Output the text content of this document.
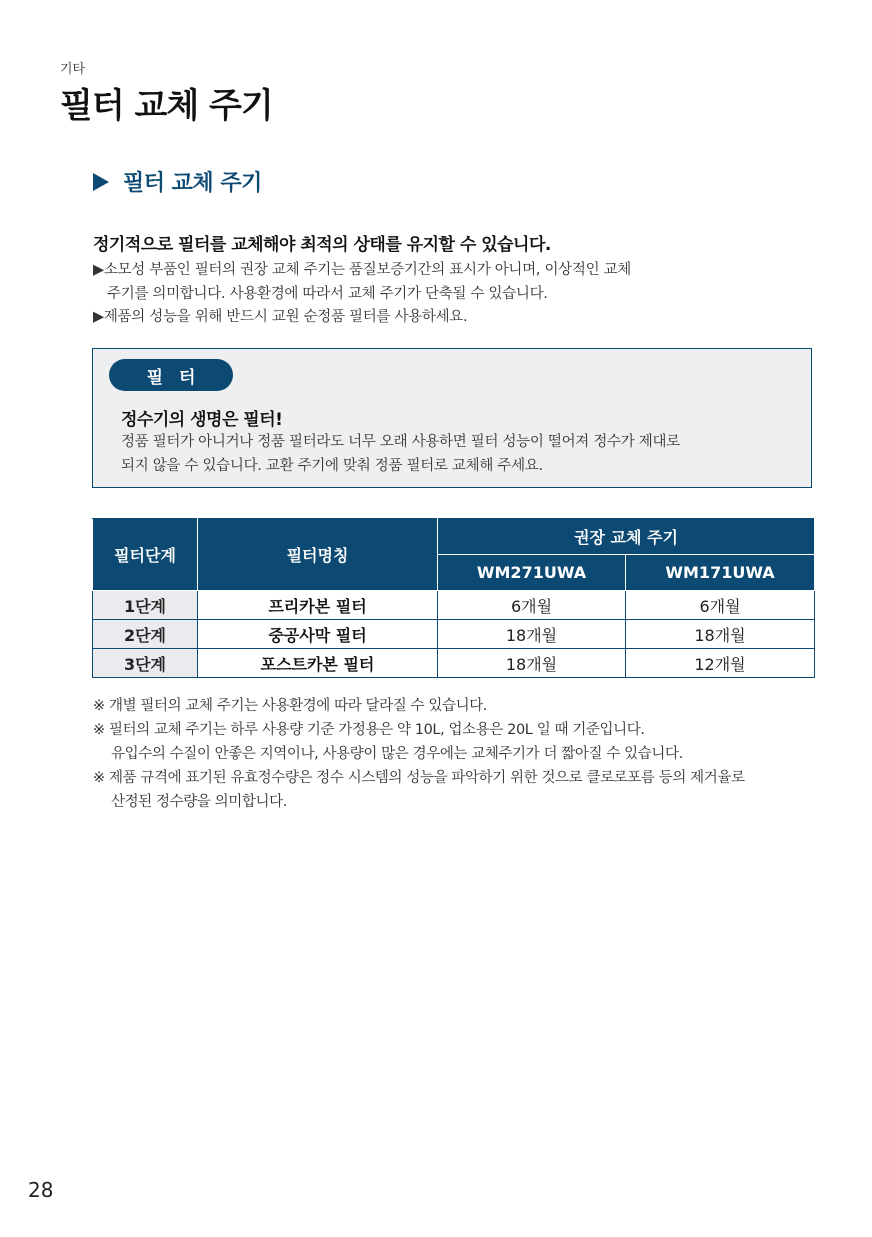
기타
필터 교체 주기
필터 교체 주기
정기적으로 필터를 교체해야 최적의 상태를 유지할 수 있습니다.

▶소모성 부품인 필터의 권장 교체 주기는 품질보증기간의 표시가 아니며, 이상적인 교체

주기를 의미합니다. 사용환경에 따라서 교체 주기가 단축될 수 있습니다.

▶제품의 성능을 위해 반드시 교원 순정품 필터를 사용하세요.

필터
정수기의 생명은 필터!

정품 필터가 아니거나 정품 필터라도 너무 오래 사용하면 필터 성능이 떨어져 정수가 제대로

되지 않을 수 있습니다. 교환 주기에 맞춰 정품 필터로 교체해 주세요.

필터단계	필터명칭	권장 교체 주기	
		WM271UWA	WM171UWA
1단계	프리카본 필터	6개월	6개월
2단계	중공사막 필터	18개월	18개월
3단계	포스트카본 필터	18개월	12개월

※ 개별 필터의 교체 주기는 사용환경에 따라 달라질 수 있습니다.

※ 필터의 교체 주기는 하루 사용량 기준 가정용은 약 10L, 업소용은 20L 일 때 기준입니다.

유입수의 수질이 안좋은 지역이나, 사용량이 많은 경우에는 교체주기가 더 짧아질 수 있습니다.

※ 제품 규격에 표기된 유효정수량은 정수 시스템의 성능을 파악하기 위한 것으로 클로로포름 등의 제거율로

산정된 정수량을 의미합니다.

28
